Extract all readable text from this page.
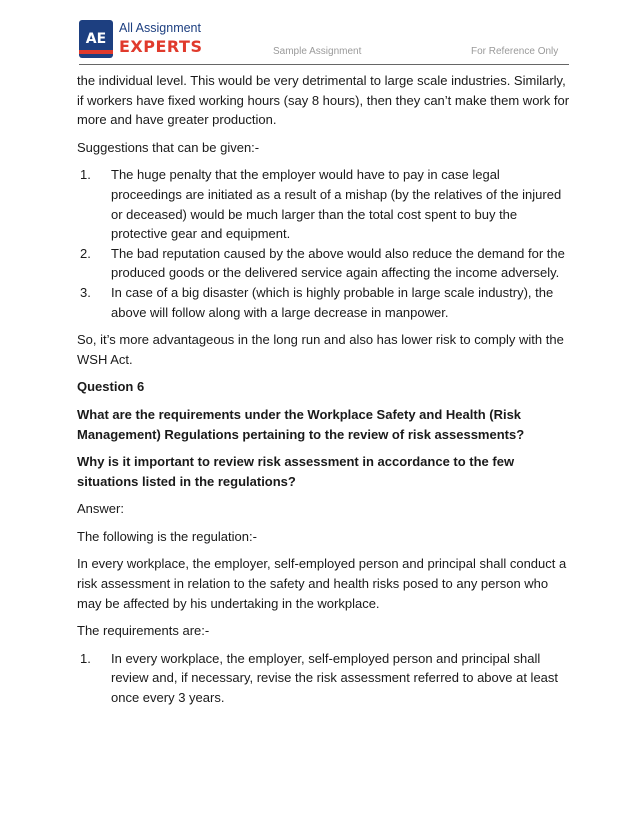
AE
All Assignment
EXPERTS	Sample Assignment	For Reference Only

the individual level. This would be very detrimental to large scale industries. Similarly, if workers have fixed working hours (say 8 hours), then they can’t make them work for more and have greater production.

Suggestions that can be given:-

1. The huge penalty that the employer would have to pay in case legal proceedings are initiated as a result of a mishap (by the relatives of the injured or deceased) would be much larger than the total cost spent to buy the protective gear and equipment.
2. The bad reputation caused by the above would also reduce the demand for the produced goods or the delivered service again affecting the income adversely.
3. In case of a big disaster (which is highly probable in large scale industry), the above will follow along with a large decrease in manpower.

So, it’s more advantageous in the long run and also has lower risk to comply with the WSH Act.

Question 6

What are the requirements under the Workplace Safety and Health (Risk Management) Regulations pertaining to the review of risk assessments?

Why is it important to review risk assessment in accordance to the few situations listed in the regulations?

Answer:

The following is the regulation:-

In every workplace, the employer, self-employed person and principal shall conduct a risk assessment in relation to the safety and health risks posed to any person who may be affected by his undertaking in the workplace.

The requirements are:-

1. In every workplace, the employer, self-employed person and principal shall review and, if necessary, revise the risk assessment referred to above at least once every 3 years.
